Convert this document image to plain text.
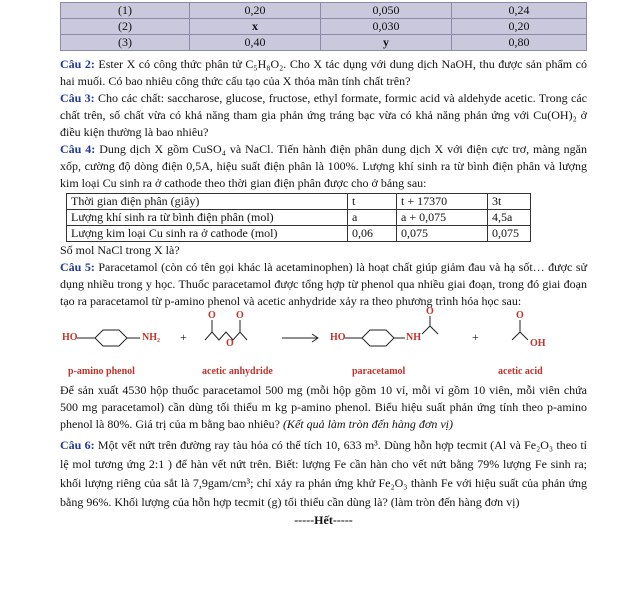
(1)	0,20	0,050	0,24
(2)	x	0,030	0,20
(3)	0,40	y	0,80

Câu 2: Ester X có công thức phân tử C₅H₈O₂. Cho X tác dụng với dung dịch NaOH, thu được sản phẩm có hai muối. Có bao nhiêu công thức cấu tạo của X thỏa mãn tính chất trên?

Câu 3: Cho các chất: saccharose, glucose, fructose, ethyl formate, formic acid và aldehyde acetic. Trong các chất trên, số chất vừa có khả năng tham gia phản ứng tráng bạc vừa có khả năng phản ứng với Cu(OH)₂ ở điều kiện thường là bao nhiêu?

Câu 4: Dung dịch X gồm CuSO₄ và NaCl. Tiến hành điện phân dung dịch X với điện cực trơ, màng ngăn xốp, cường độ dòng điện 0,5A, hiệu suất điện phân là 100%. Lượng khí sinh ra từ bình điện phân và lượng kim loại Cu sinh ra ở cathode theo thời gian điện phân được cho ở bảng sau:

Thời gian điện phân (giây)	t	t + 17370	3t
Lượng khí sinh ra từ bình điện phân (mol)	a	a + 0,075	4,5a
Lượng kim loại Cu sinh ra ở cathode (mol)	0,06	0,075	0,075

Số mol NaCl trong X là?

Câu 5: Paracetamol (còn có tên gọi khác là acetaminophen) là hoạt chất giúp giảm đau và hạ sốt… được sử dụng nhiều trong y học. Thuốc paracetamol được tổng hợp từ phenol qua nhiều giai đoạn, trong đó giai đoạn tạo ra paracetamol từ p-amino phenol và acetic anhydride xảy ra theo phương trình hóa học sau:

HO	NH₂ +
O O
O
HO	NH
O
+
O
OH
p-amino phenol	acetic anhydride	paracetamol	acetic acid

Để sản xuất 4530 hộp thuốc paracetamol 500 mg (mỗi hộp gồm 10 vỉ, mỗi vỉ gồm 10 viên, mỗi viên chứa 500 mg paracetamol) cần dùng tối thiểu m kg p-amino phenol. Biểu hiệu suất phản ứng tính theo p-amino phenol là 80%. Giá trị của m bằng bao nhiêu? (Kết quả làm tròn đến hàng đơn vị)

Câu 6: Một vết nứt trên đường ray tàu hỏa có thể tích 10, 633 m³. Dùng hỗn hợp tecmit (Al và Fe₂O₃ theo tỉ lệ mol tương ứng 2:1 ) để hàn vết nứt trên. Biết: lượng Fe cần hàn cho vết nứt bằng 79% lượng Fe sinh ra; khối lượng riêng của sắt là 7,9gam/cm³; chỉ xảy ra phản ứng khử Fe₂O₃ thành Fe với hiệu suất của phản ứng bằng 96%. Khối lượng của hỗn hợp tecmit (g) tối thiểu cần dùng là? (làm tròn đến hàng đơn vị)

-----Hết-----
